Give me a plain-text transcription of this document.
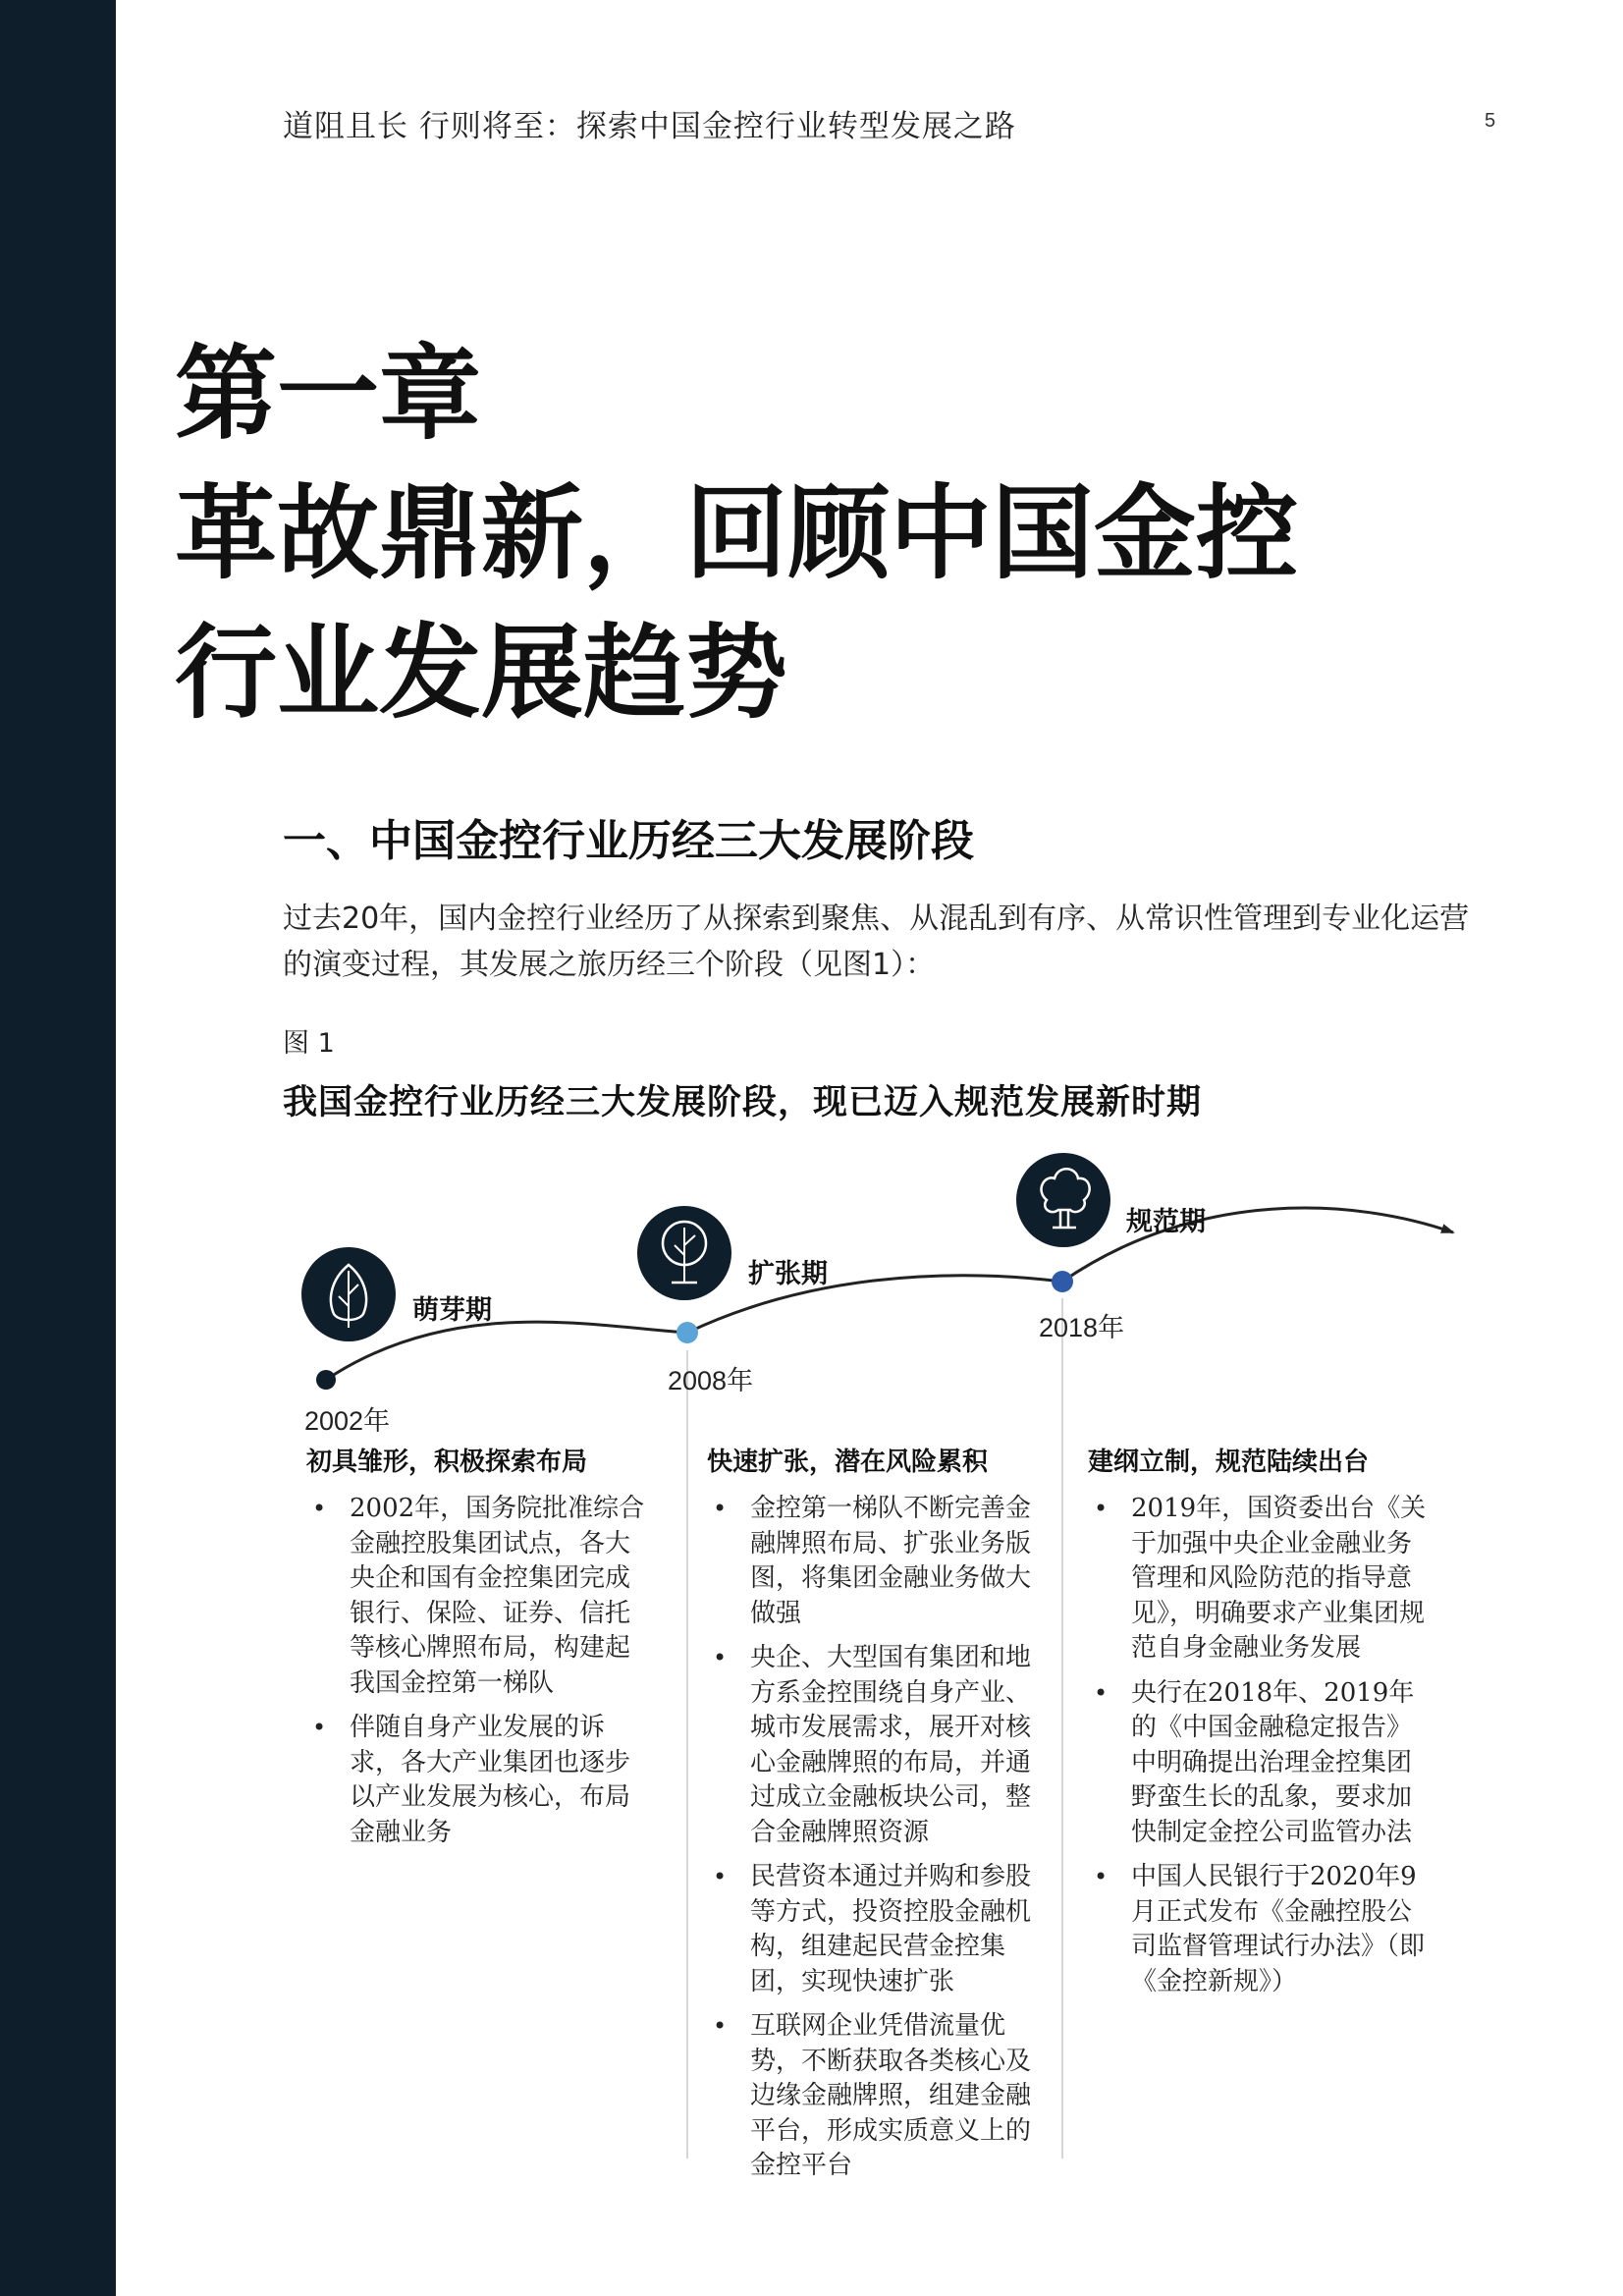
道阻且长 行则将至：探索中国金控行业转型发展之路	5
第一章
革故鼎新，回顾中国金控
行业发展趋势
一、中国金控行业历经三大发展阶段

过去20年，国内金控行业经历了从探索到聚焦、从混乱到有序、从常识性管理到专业化运营的演变过程，其发展之旅历经三个阶段（见图1）：

图 1
我国金控行业历经三大发展阶段，现已迈入规范发展新时期
萌芽期
扩张期
规范期
2002年
2008年
2018年
初具雏形，积极探索布局
• 2002年，国务院批准综合金融控股集团试点，各大央企和国有金控集团完成银行、保险、证券、信托等核心牌照布局，构建起我国金控第一梯队
• 伴随自身产业发展的诉求，各大产业集团也逐步以产业发展为核心，布局金融业务
快速扩张，潜在风险累积
• 金控第一梯队不断完善金融牌照布局、扩张业务版图，将集团金融业务做大做强
• 央企、大型国有集团和地方系金控围绕自身产业、城市发展需求，展开对核心金融牌照的布局，并通过成立金融板块公司，整合金融牌照资源
• 民营资本通过并购和参股等方式，投资控股金融机构，组建起民营金控集团，实现快速扩张
• 互联网企业凭借流量优势，不断获取各类核心及边缘金融牌照，组建金融平台，形成实质意义上的金控平台
建纲立制，规范陆续出台
• 2019年，国资委出台《关于加强中央企业金融业务管理和风险防范的指导意见》，明确要求产业集团规范自身金融业务发展
• 央行在2018年、2019年的《中国金融稳定报告》中明确提出治理金控集团野蛮生长的乱象，要求加快制定金控公司监管办法
• 中国人民银行于2020年9月正式发布《金融控股公司监督管理试行办法》（即《金控新规》）
